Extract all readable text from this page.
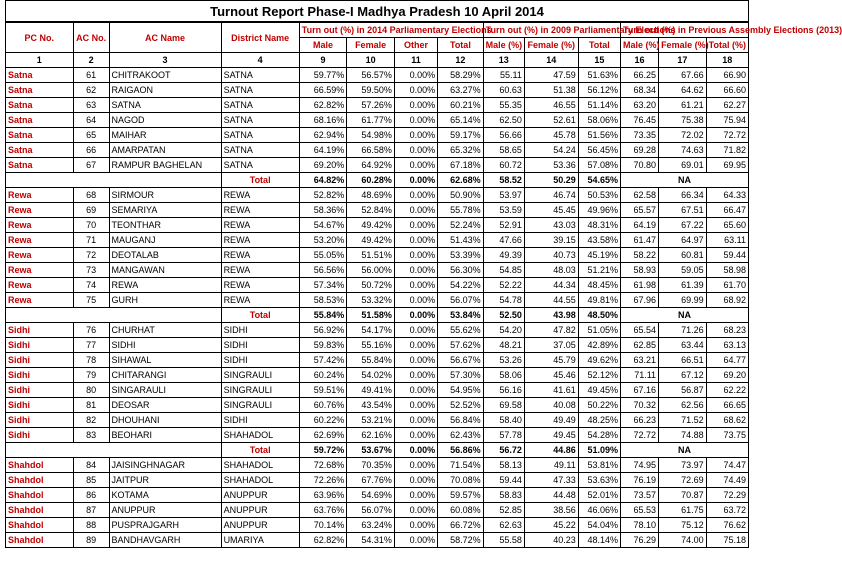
Turnout Report Phase-I Madhya Pradesh 10 April 2014
PC No.	AC No.	AC Name	District Name	Turn out (%) in 2014 Parliamentary Elections				Turn out (%) in 2009 Parliamentary Elections			Turn out (%) in Previous Assembly Elections (2013)		
				Male	Female	Other	Total	Male (%)	Female (%)	Total	Male (%)	Female (%)	Total (%)
1	2	3	4	9	10	11	12	13	14	15	16	17	18
Satna	61	CHITRAKOOT	SATNA	59.77%	56.57%	0.00%	58.29%	55.11	47.59	51.63%	66.25	67.66	66.90
Satna	62	RAIGAON	SATNA	66.59%	59.50%	0.00%	63.27%	60.63	51.38	56.12%	68.34	64.62	66.60
Satna	63	SATNA	SATNA	62.82%	57.26%	0.00%	60.21%	55.35	46.55	51.14%	63.20	61.21	62.27
Satna	64	NAGOD	SATNA	68.16%	61.77%	0.00%	65.14%	62.50	52.61	58.06%	76.45	75.38	75.94
Satna	65	MAIHAR	SATNA	62.94%	54.98%	0.00%	59.17%	56.66	45.78	51.56%	73.35	72.02	72.72
Satna	66	AMARPATAN	SATNA	64.19%	66.58%	0.00%	65.32%	58.65	54.24	56.45%	69.28	74.63	71.82
Satna	67	RAMPUR BAGHELAN	SATNA	69.20%	64.92%	0.00%	67.18%	60.72	53.36	57.08%	70.80	69.01	69.95
			Total	64.82%	60.28%	0.00%	62.68%	58.52	50.29	54.65%	NA		
Rewa	68	SIRMOUR	REWA	52.82%	48.69%	0.00%	50.90%	53.97	46.74	50.53%	62.58	66.34	64.33
Rewa	69	SEMARIYA	REWA	58.36%	52.84%	0.00%	55.78%	53.59	45.45	49.96%	65.57	67.51	66.47
Rewa	70	TEONTHAR	REWA	54.67%	49.42%	0.00%	52.24%	52.91	43.03	48.31%	64.19	67.22	65.60
Rewa	71	MAUGANJ	REWA	53.20%	49.42%	0.00%	51.43%	47.66	39.15	43.58%	61.47	64.97	63.11
Rewa	72	DEOTALAB	REWA	55.05%	51.51%	0.00%	53.39%	49.39	40.73	45.19%	58.22	60.81	59.44
Rewa	73	MANGAWAN	REWA	56.56%	56.00%	0.00%	56.30%	54.85	48.03	51.21%	58.93	59.05	58.98
Rewa	74	REWA	REWA	57.34%	50.72%	0.00%	54.22%	52.22	44.34	48.45%	61.98	61.39	61.70
Rewa	75	GURH	REWA	58.53%	53.32%	0.00%	56.07%	54.78	44.55	49.81%	67.96	69.99	68.92
			Total	55.84%	51.58%	0.00%	53.84%	52.50	43.98	48.50%	NA		
Sidhi	76	CHURHAT	SIDHI	56.92%	54.17%	0.00%	55.62%	54.20	47.82	51.05%	65.54	71.26	68.23
Sidhi	77	SIDHI	SIDHI	59.83%	55.16%	0.00%	57.62%	48.21	37.05	42.89%	62.85	63.44	63.13
Sidhi	78	SIHAWAL	SIDHI	57.42%	55.84%	0.00%	56.67%	53.26	45.79	49.62%	63.21	66.51	64.77
Sidhi	79	CHITARANGI	SINGRAULI	60.24%	54.02%	0.00%	57.30%	58.06	45.46	52.12%	71.11	67.12	69.20
Sidhi	80	SINGARAULI	SINGRAULI	59.51%	49.41%	0.00%	54.95%	56.16	41.61	49.45%	67.16	56.87	62.22
Sidhi	81	DEOSAR	SINGRAULI	60.76%	43.54%	0.00%	52.52%	69.58	40.08	50.22%	70.32	62.56	66.65
Sidhi	82	DHOUHANI	SIDHI	60.22%	53.21%	0.00%	56.84%	58.40	49.49	48.25%	66.23	71.52	68.62
Sidhi	83	BEOHARI	SHAHADOL	62.69%	62.16%	0.00%	62.43%	57.78	49.45	54.28%	72.72	74.88	73.75
			Total	59.72%	53.67%	0.00%	56.86%	56.72	44.86	51.09%	NA		
Shahdol	84	JAISINGHNAGAR	SHAHADOL	72.68%	70.35%	0.00%	71.54%	58.13	49.11	53.81%	74.95	73.97	74.47
Shahdol	85	JAITPUR	SHAHADOL	72.26%	67.76%	0.00%	70.08%	59.44	47.33	53.63%	76.19	72.69	74.49
Shahdol	86	KOTAMA	ANUPPUR	63.96%	54.69%	0.00%	59.57%	58.83	44.48	52.01%	73.57	70.87	72.29
Shahdol	87	ANUPPUR	ANUPPUR	63.76%	56.07%	0.00%	60.08%	52.85	38.56	46.06%	65.53	61.75	63.72
Shahdol	88	PUSPRAJGARH	ANUPPUR	70.14%	63.24%	0.00%	66.72%	62.63	45.22	54.04%	78.10	75.12	76.62
Shahdol	89	BANDHAVGARH	UMARIYA	62.82%	54.31%	0.00%	58.72%	55.58	40.23	48.14%	76.29	74.00	75.18
